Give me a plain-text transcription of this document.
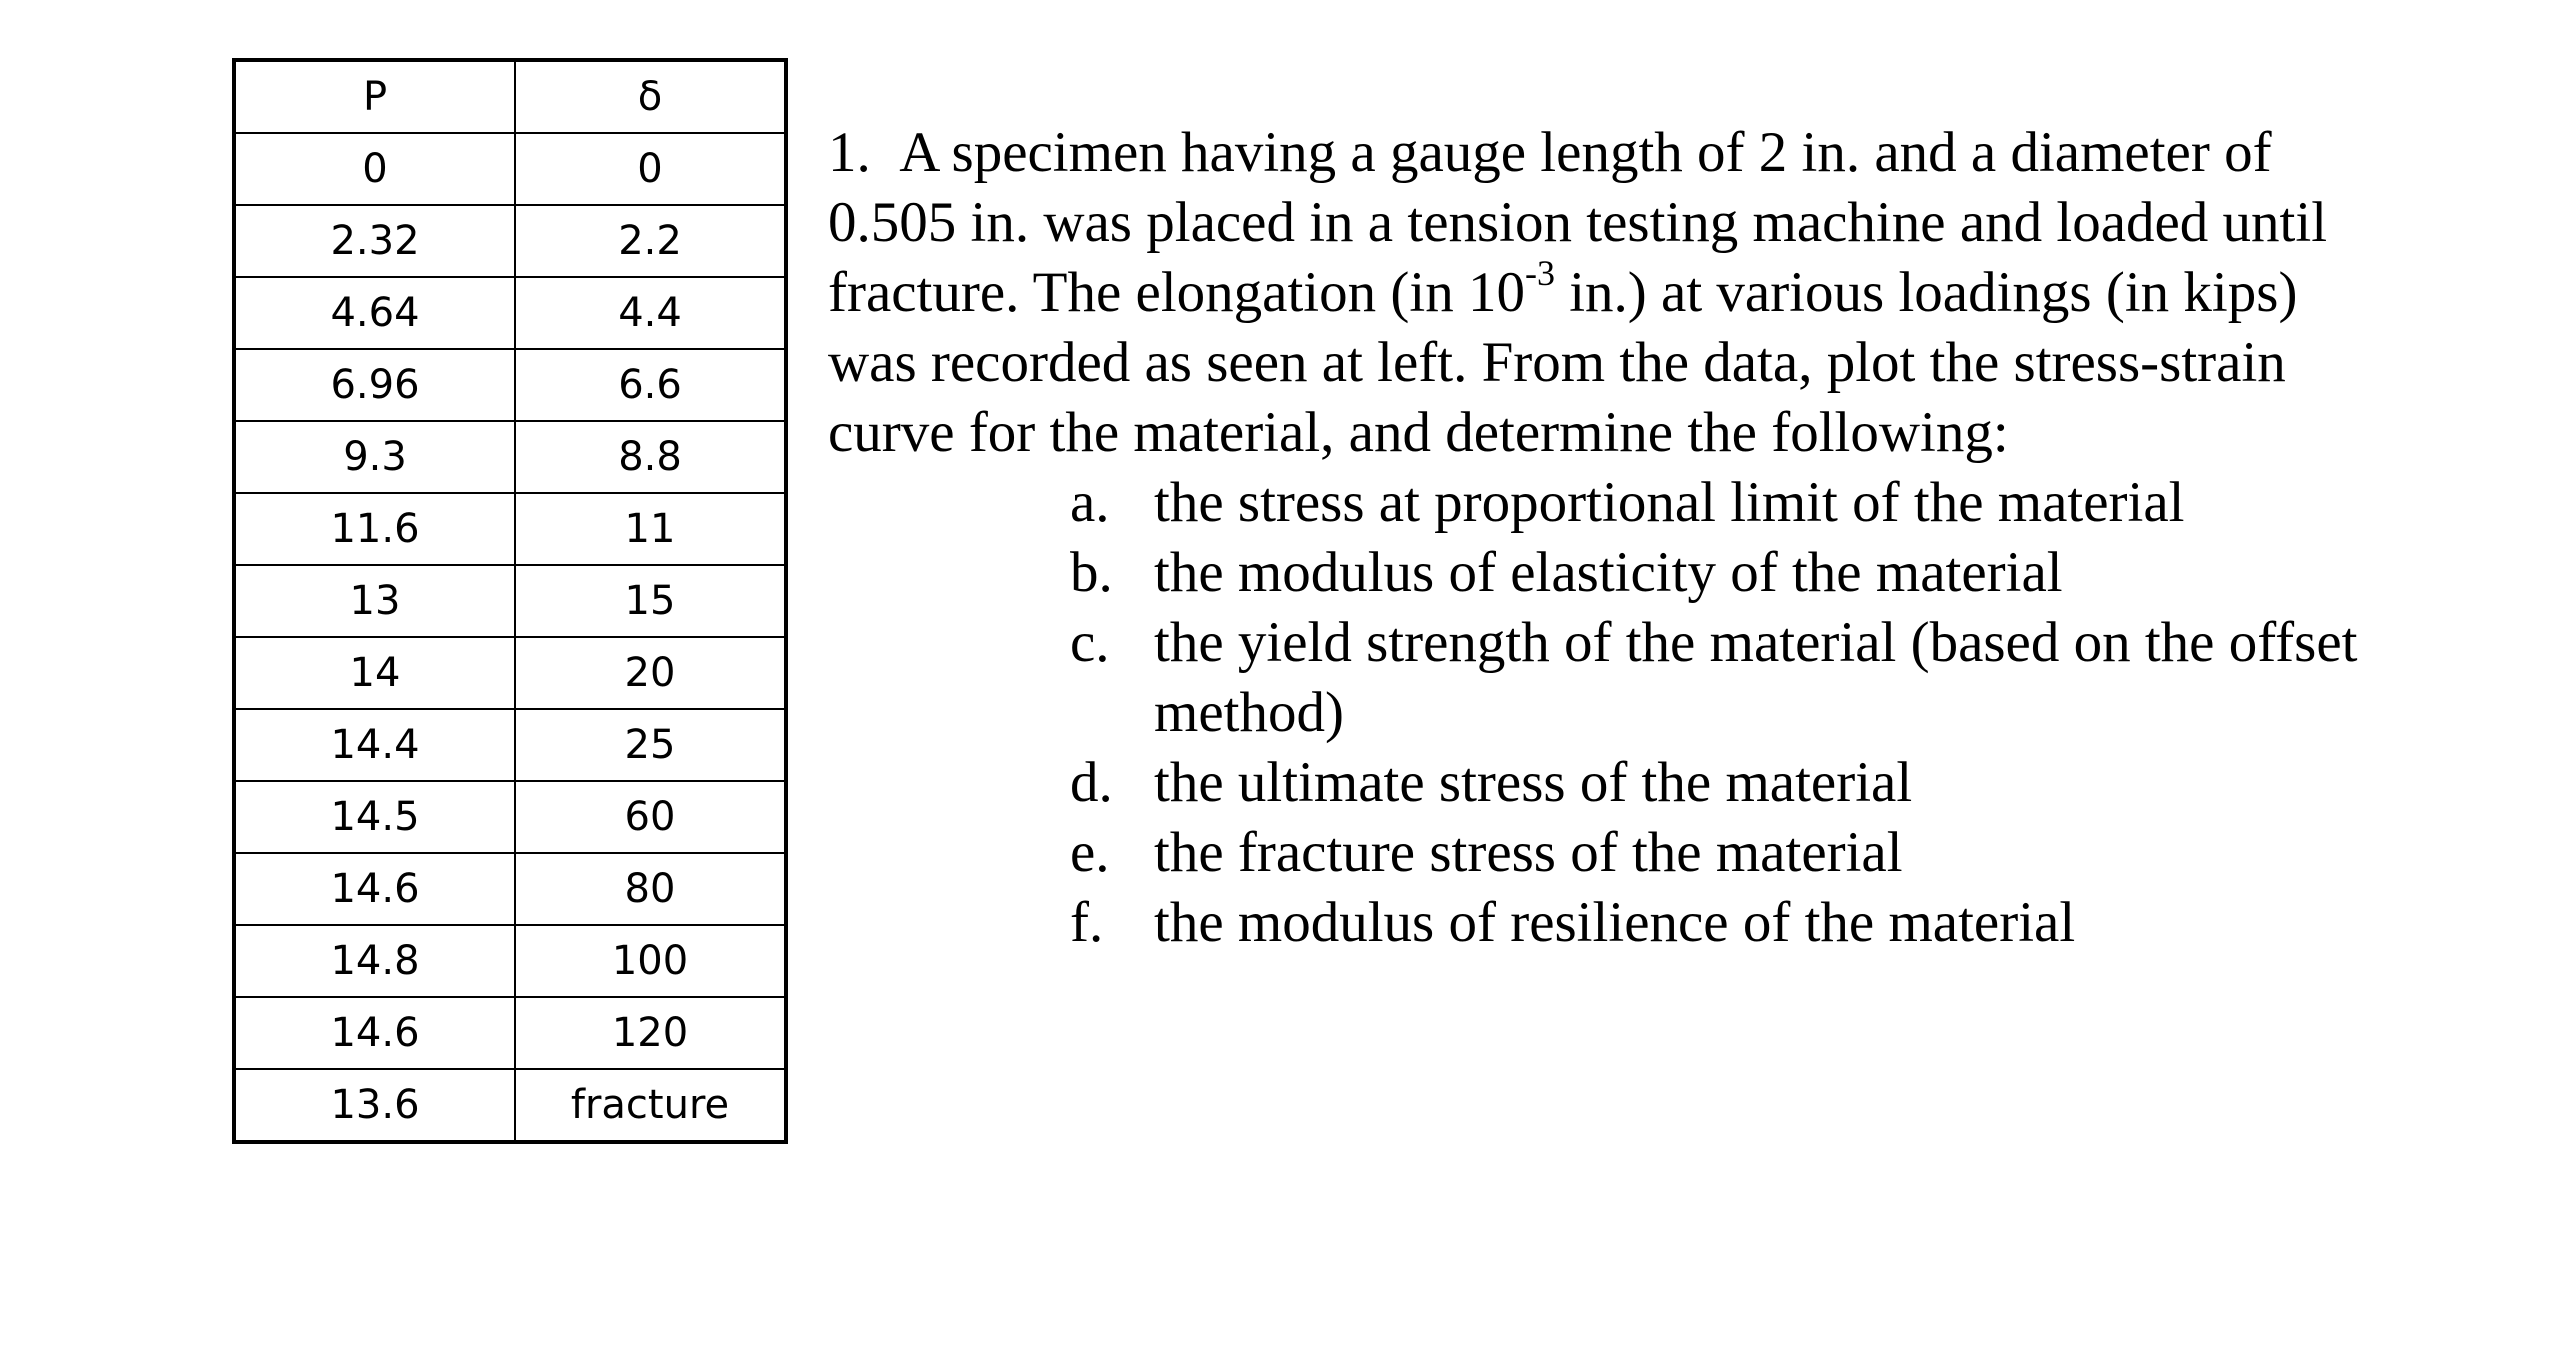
P	δ
0	0
2.32	2.2
4.64	4.4
6.96	6.6
9.3	8.8
11.6	11
13	15
14	20
14.4	25
14.5	60
14.6	80
14.8	100
14.6	120
13.6	fracture

1. A specimen having a gauge length of 2 in. and a diameter of 0.505 in. was placed in a tension testing machine and loaded until fracture. The elongation (in $10^{-3}$ in.) at various loadings (in kips) was recorded as seen at left. From the data, plot the stress-strain curve for the material, and determine the following:

a. the stress at proportional limit of the material
b. the modulus of elasticity of the material
c. the yield strength of the material (based on the offset method)
d. the ultimate stress of the material
e. the fracture stress of the material
f. the modulus of resilience of the material
